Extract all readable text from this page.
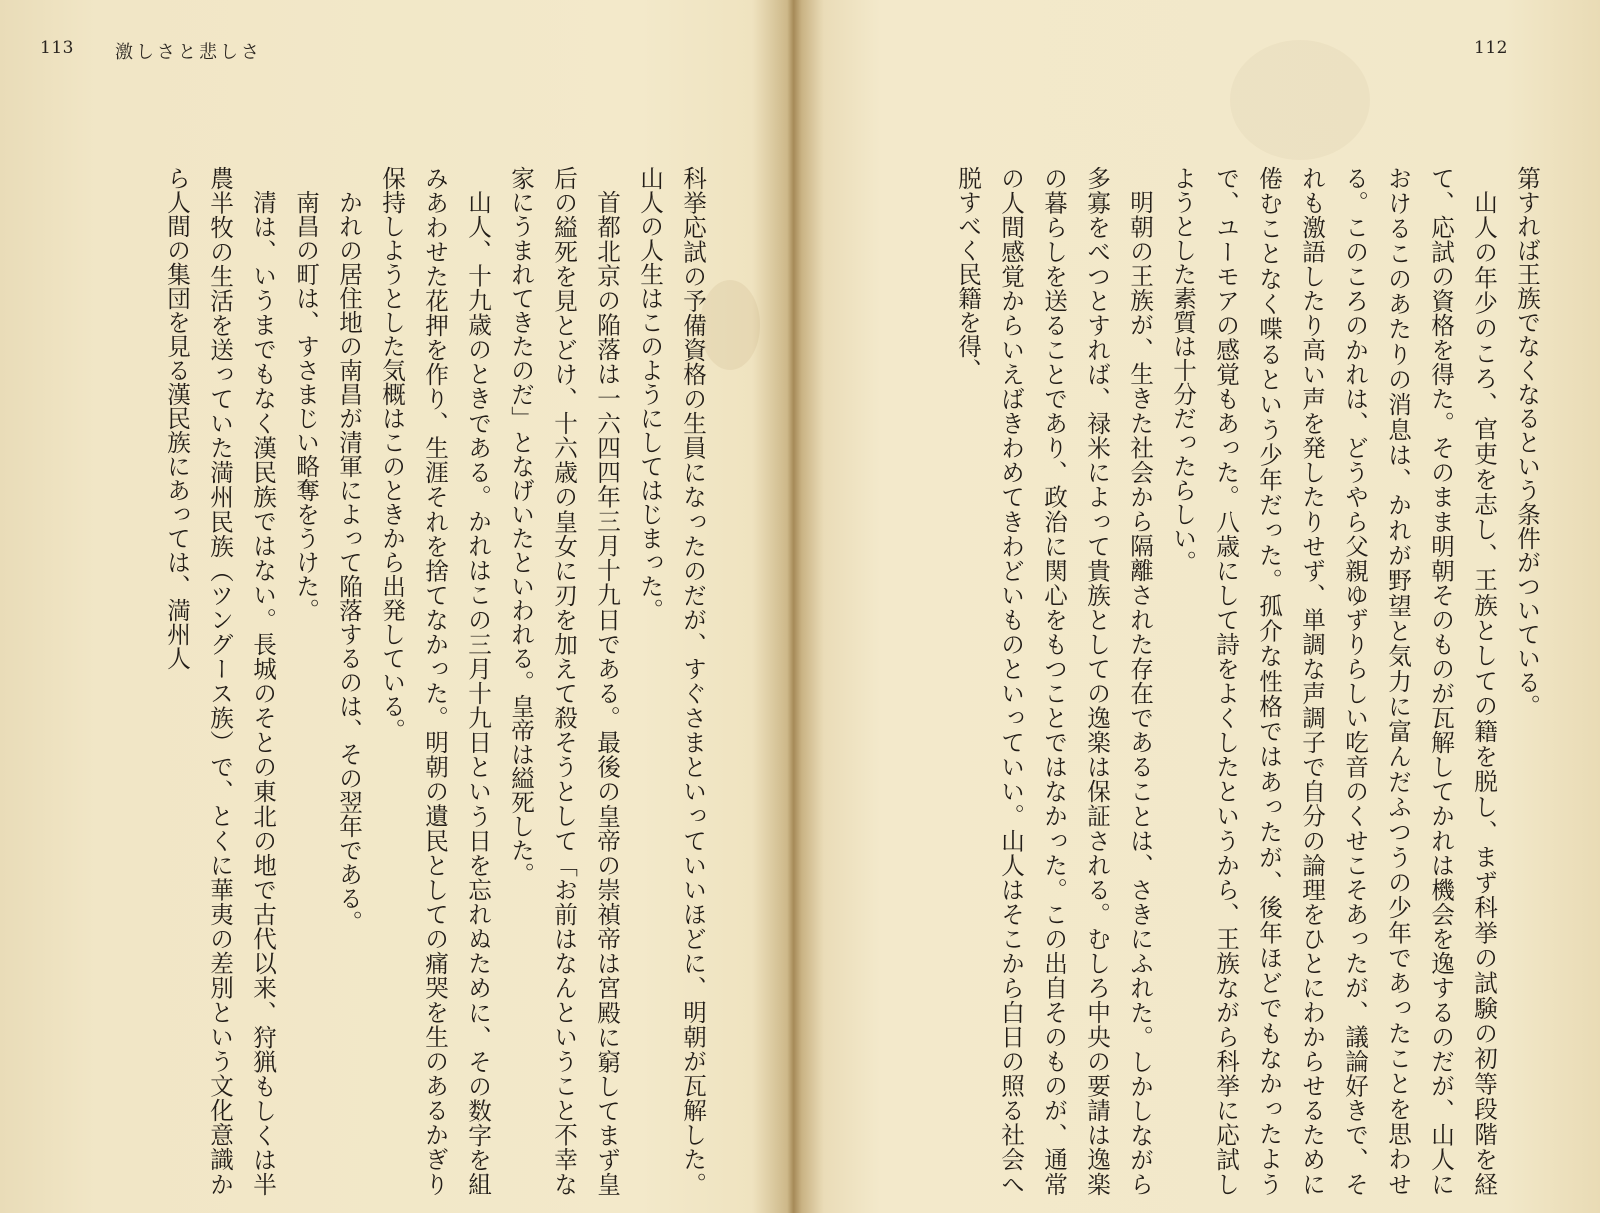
113 激しさと悲しさ

科挙応試の予備資格の生員になったのだが、すぐさまといっていいほどに、明朝が瓦解した。山人の人生はこのようにしてはじまった。

首都北京の陥落は一六四四年三月十九日である。最後の皇帝の崇禎帝は宮殿に窮してまず皇后の縊死を見とどけ、十六歳の皇女に刃を加えて殺そうとして「お前はなんということ不幸な家にうまれてきたのだ」となげいたといわれる。皇帝は縊死した。

山人、十九歳のときである。かれはこの三月十九日という日を忘れぬために、その数字を組みあわせた花押を作り、生涯それを捨てなかった。明朝の遺民としての痛哭を生のあるかぎり保持しようとした気概はこのときから出発している。

かれの居住地の南昌が清軍によって陥落するのは、その翌年である。

南昌の町は、すさまじい略奪をうけた。

清は、いうまでもなく漢民族ではない。長城のそとの東北の地で古代以来、狩猟もしくは半農半牧の生活を送っていた満州民族（ツングース族）で、とくに華夷の差別という文化意識から人間の集団を見る漢民族にあっては、満州人

112

第すれば王族でなくなるという条件がついている。

山人の年少のころ、官吏を志し、王族としての籍を脱し、まず科挙の試験の初等段階を経て、応試の資格を得た。そのまま明朝そのものが瓦解してかれは機会を逸するのだが、山人におけるこのあたりの消息は、かれが野望と気力に富んだふつうの少年であったことを思わせる。このころのかれは、どうやら父親ゆずりらしい吃音のくせこそあったが、議論好きで、それも激語したり高い声を発したりせず、単調な声調子で自分の論理をひとにわからせるために倦むことなく喋るという少年だった。孤介な性格ではあったが、後年ほどでもなかったようで、ユーモアの感覚もあった。八歳にして詩をよくしたというから、王族ながら科挙に応試しようとした素質は十分だったらしい。

明朝の王族が、生きた社会から隔離された存在であることは、さきにふれた。しかしながら多寡をべつとすれば、禄米によって貴族としての逸楽は保証される。むしろ中央の要請は逸楽の暮らしを送ることであり、政治に関心をもつことではなかった。この出自そのものが、通常の人間感覚からいえばきわめてきわどいものといっていい。山人はそこから白日の照る社会へ脱すべく民籍を得、
